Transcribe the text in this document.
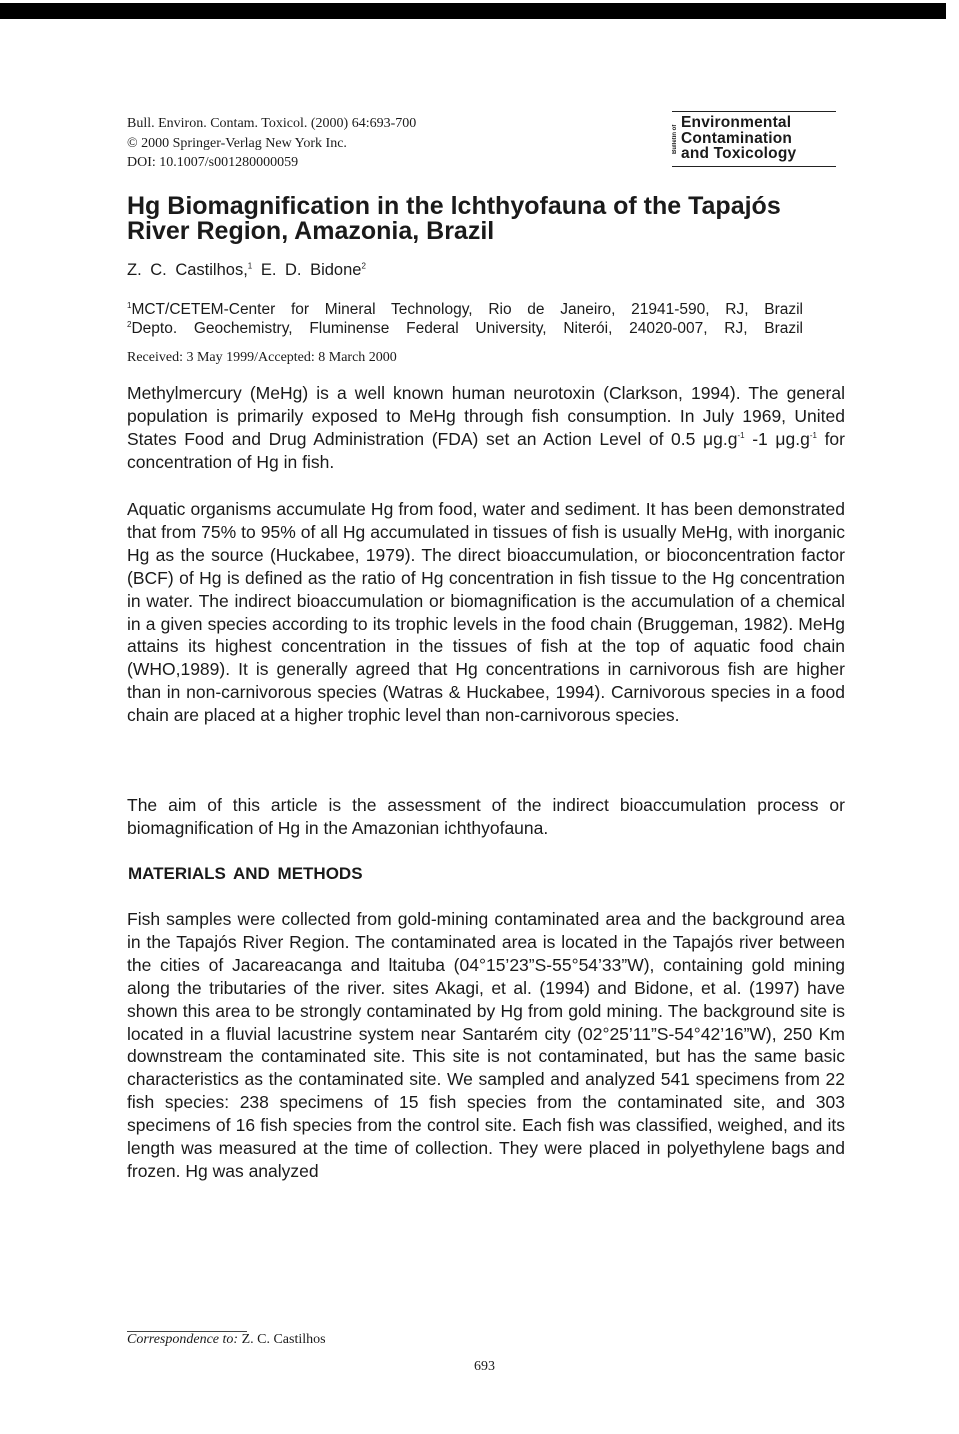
Bull. Environ. Contam. Toxicol. (2000) 64:693-700
© 2000 Springer-Verlag New York Inc.
DOI: 10.1007/s001280000059
Bulletin of
Environmental
Contamination
and Toxicology
Hg Biomagnification in the lchthyofauna of the Tapajós
River Region, Amazonia, Brazil
Z. C. Castilhos,$^1$ E. D. Bidone$^2$
$^1$MCT/CETEM-Center for Mineral Technology, Rio de Janeiro, 21941-590, RJ, Brazil
$^2$Depto. Geochemistry, Fluminense Federal University, Niterói, 24020-007, RJ, Brazil
Received: 3 May 1999/Accepted: 8 March 2000
Methylmercury (MeHg) is a well known human neurotoxin (Clarkson, 1994). The general population is primarily exposed to MeHg through fish consumption. In July 1969, United States Food and Drug Administration (FDA) set an Action Level of 0.5 $\mu g.g^{-1}$ -1 $\mu g.g^{-1}$ for concentration of Hg in fish.
Aquatic organisms accumulate Hg from food, water and sediment. It has been demonstrated that from 75% to 95% of all Hg accumulated in tissues of fish is usually MeHg, with inorganic Hg as the source (Huckabee, 1979). The direct bioaccumulation, or bioconcentration factor (BCF) of Hg is defined as the ratio of Hg concentration in fish tissue to the Hg concentration in water. The indirect bioaccumulation or biomagnification is the accumulation of a chemical in a given species according to its trophic levels in the food chain (Bruggeman, 1982). MeHg attains its highest concentration in the tissues of fish at the top of aquatic food chain (WHO,1989). It is generally agreed that Hg concentrations in carnivorous fish are higher than in non-carnivorous species (Watras & Huckabee, 1994). Carnivorous species in a food chain are placed at a higher trophic level than non-carnivorous species.
The aim of this article is the assessment of the indirect bioaccumulation process or biomagnification of Hg in the Amazonian ichthyofauna.
MATERIALS AND METHODS
Fish samples were collected from gold-mining contaminated area and the background area in the Tapajós River Region. The contaminated area is located in the Tapajós river between the cities of Jacareacanga and ltaituba (04°15’23”S-55°54’33”W), containing gold mining along the tributaries of the river. sites Akagi, et al. (1994) and Bidone, et al. (1997) have shown this area to be strongly contaminated by Hg from gold mining. The background site is located in a fluvial lacustrine system near Santarém city (02°25’11”S-54°42’16”W), 250 Km downstream the contaminated site. This site is not contaminated, but has the same basic characteristics as the contaminated site. We sampled and analyzed 541 specimens from 22 fish species: 238 specimens of 15 fish species from the contaminated site, and 303 specimens of 16 fish species from the control site. Each fish was classified, weighed, and its length was measured at the time of collection. They were placed in polyethylene bags and frozen. Hg was analyzed
Correspondence to: Z. C. Castilhos
693
